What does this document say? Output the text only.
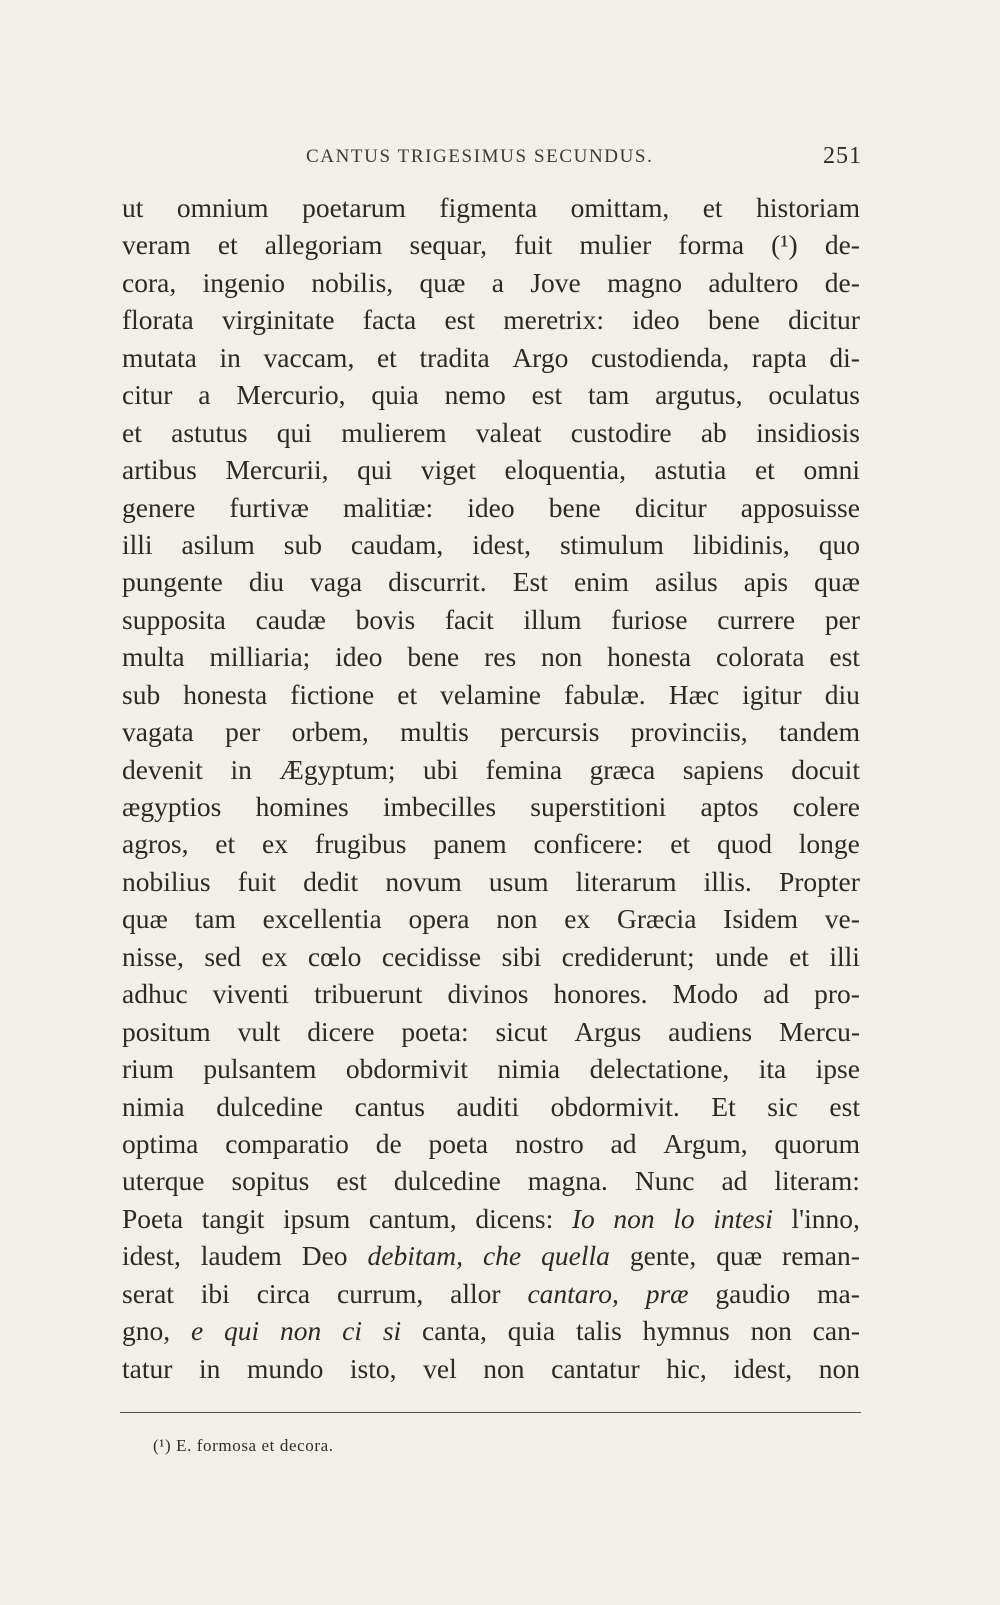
CANTUS TRIGESIMUS SECUNDUS.	251
ut omnium poetarum figmenta omittam, et historiam
veram et allegoriam sequar, fuit mulier forma (¹) de-
cora, ingenio nobilis, quæ a Jove magno adultero de-
florata virginitate facta est meretrix: ideo bene dicitur
mutata in vaccam, et tradita Argo custodienda, rapta di-
citur a Mercurio, quia nemo est tam argutus, oculatus
et astutus qui mulierem valeat custodire ab insidiosis
artibus Mercurii, qui viget eloquentia, astutia et omni
genere furtivæ malitiæ: ideo bene dicitur apposuisse
illi asilum sub caudam, idest, stimulum libidinis, quo
pungente diu vaga discurrit. Est enim asilus apis quæ
supposita caudæ bovis facit illum furiose currere per
multa milliaria; ideo bene res non honesta colorata est
sub honesta fictione et velamine fabulæ. Hæc igitur diu
vagata per orbem, multis percursis provinciis, tandem
devenit in Ægyptum; ubi femina græca sapiens docuit
ægyptios homines imbecilles superstitioni aptos colere
agros, et ex frugibus panem conficere: et quod longe
nobilius fuit dedit novum usum literarum illis. Propter
quæ tam excellentia opera non ex Græcia Isidem ve-
nisse, sed ex cœlo cecidisse sibi crediderunt; unde et illi
adhuc viventi tribuerunt divinos honores. Modo ad pro-
positum vult dicere poeta: sicut Argus audiens Mercu-
rium pulsantem obdormivit nimia delectatione, ita ipse
nimia dulcedine cantus auditi obdormivit. Et sic est
optima comparatio de poeta nostro ad Argum, quorum
uterque sopitus est dulcedine magna. Nunc ad literam:
Poeta tangit ipsum cantum, dicens: Io non lo intesi l'inno,
idest, laudem Deo debitam, che quella gente, quæ reman-
serat ibi circa currum, allor cantaro, præ gaudio ma-
gno, e qui non ci si canta, quia talis hymnus non can-
tatur in mundo isto, vel non cantatur hic, idest, non
(¹) E. formosa et decora.
